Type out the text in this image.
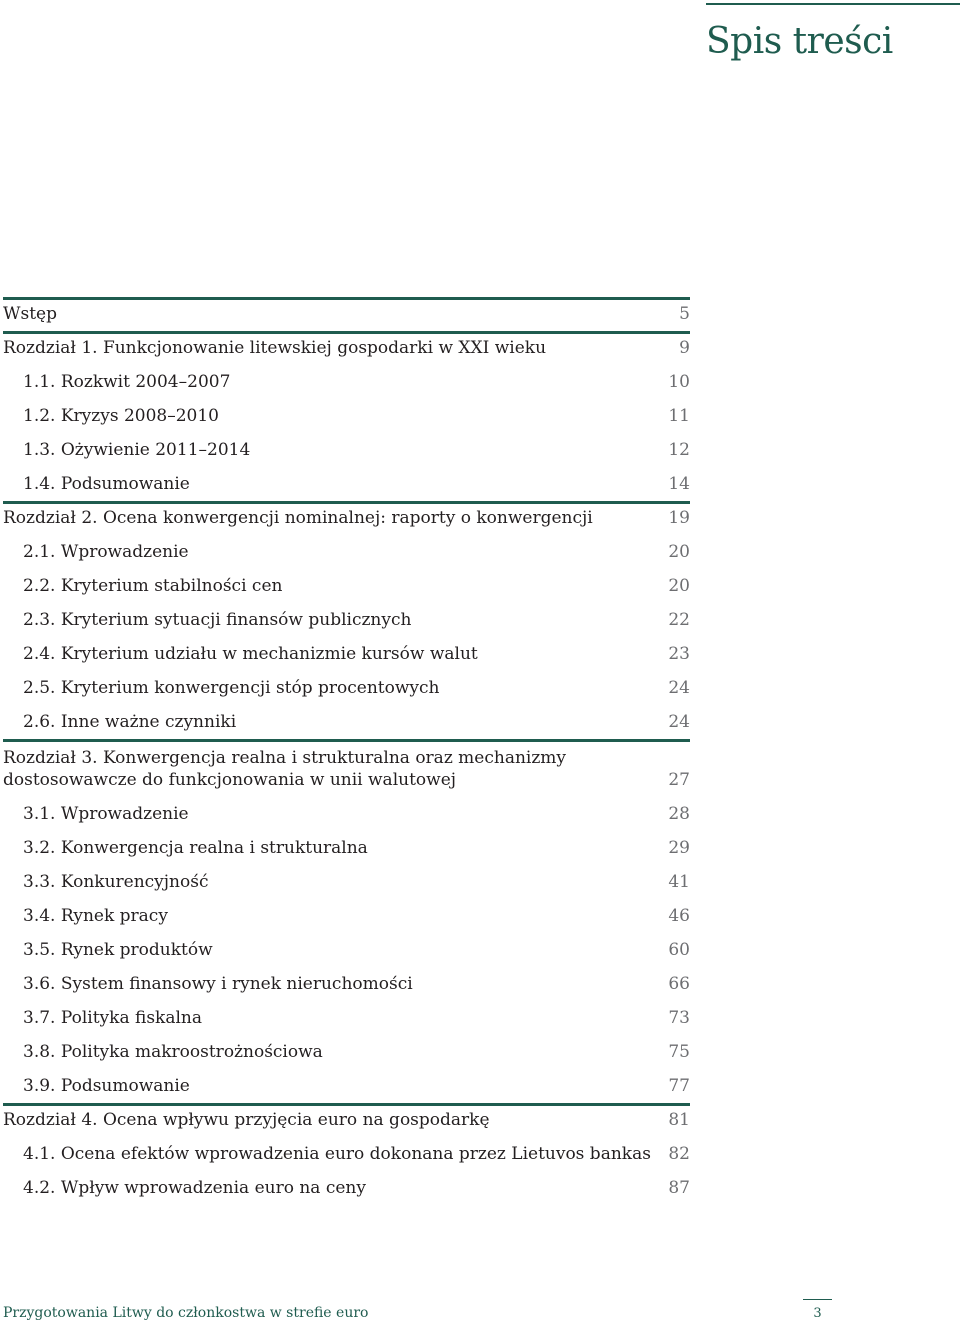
Spis treści
Wstęp	5
Rozdział 1. Funkcjonowanie litewskiej gospodarki w XXI wieku	9
1.1. Rozkwit 2004–2007	10
1.2. Kryzys 2008–2010	11
1.3. Ożywienie 2011–2014	12
1.4. Podsumowanie	14
Rozdział 2. Ocena konwergencji nominalnej: raporty o konwergencji	19
2.1. Wprowadzenie	20
2.2. Kryterium stabilności cen	20
2.3. Kryterium sytuacji finansów publicznych	22
2.4. Kryterium udziału w mechanizmie kursów walut	23
2.5. Kryterium konwergencji stóp procentowych	24
2.6. Inne ważne czynniki	24
Rozdział 3. Konwergencja realna i strukturalna oraz mechanizmy dostosowawcze do funkcjonowania w unii walutowej	27
3.1. Wprowadzenie	28
3.2. Konwergencja realna i strukturalna	29
3.3. Konkurencyjność	41
3.4. Rynek pracy	46
3.5. Rynek produktów	60
3.6. System finansowy i rynek nieruchomości	66
3.7. Polityka fiskalna	73
3.8. Polityka makroostrożnościowa	75
3.9. Podsumowanie	77
Rozdział 4. Ocena wpływu przyjęcia euro na gospodarkę	81
4.1. Ocena efektów wprowadzenia euro dokonana przez Lietuvos bankas	82
4.2. Wpływ wprowadzenia euro na ceny	87
Przygotowania Litwy do członkostwa w strefie euro	3
